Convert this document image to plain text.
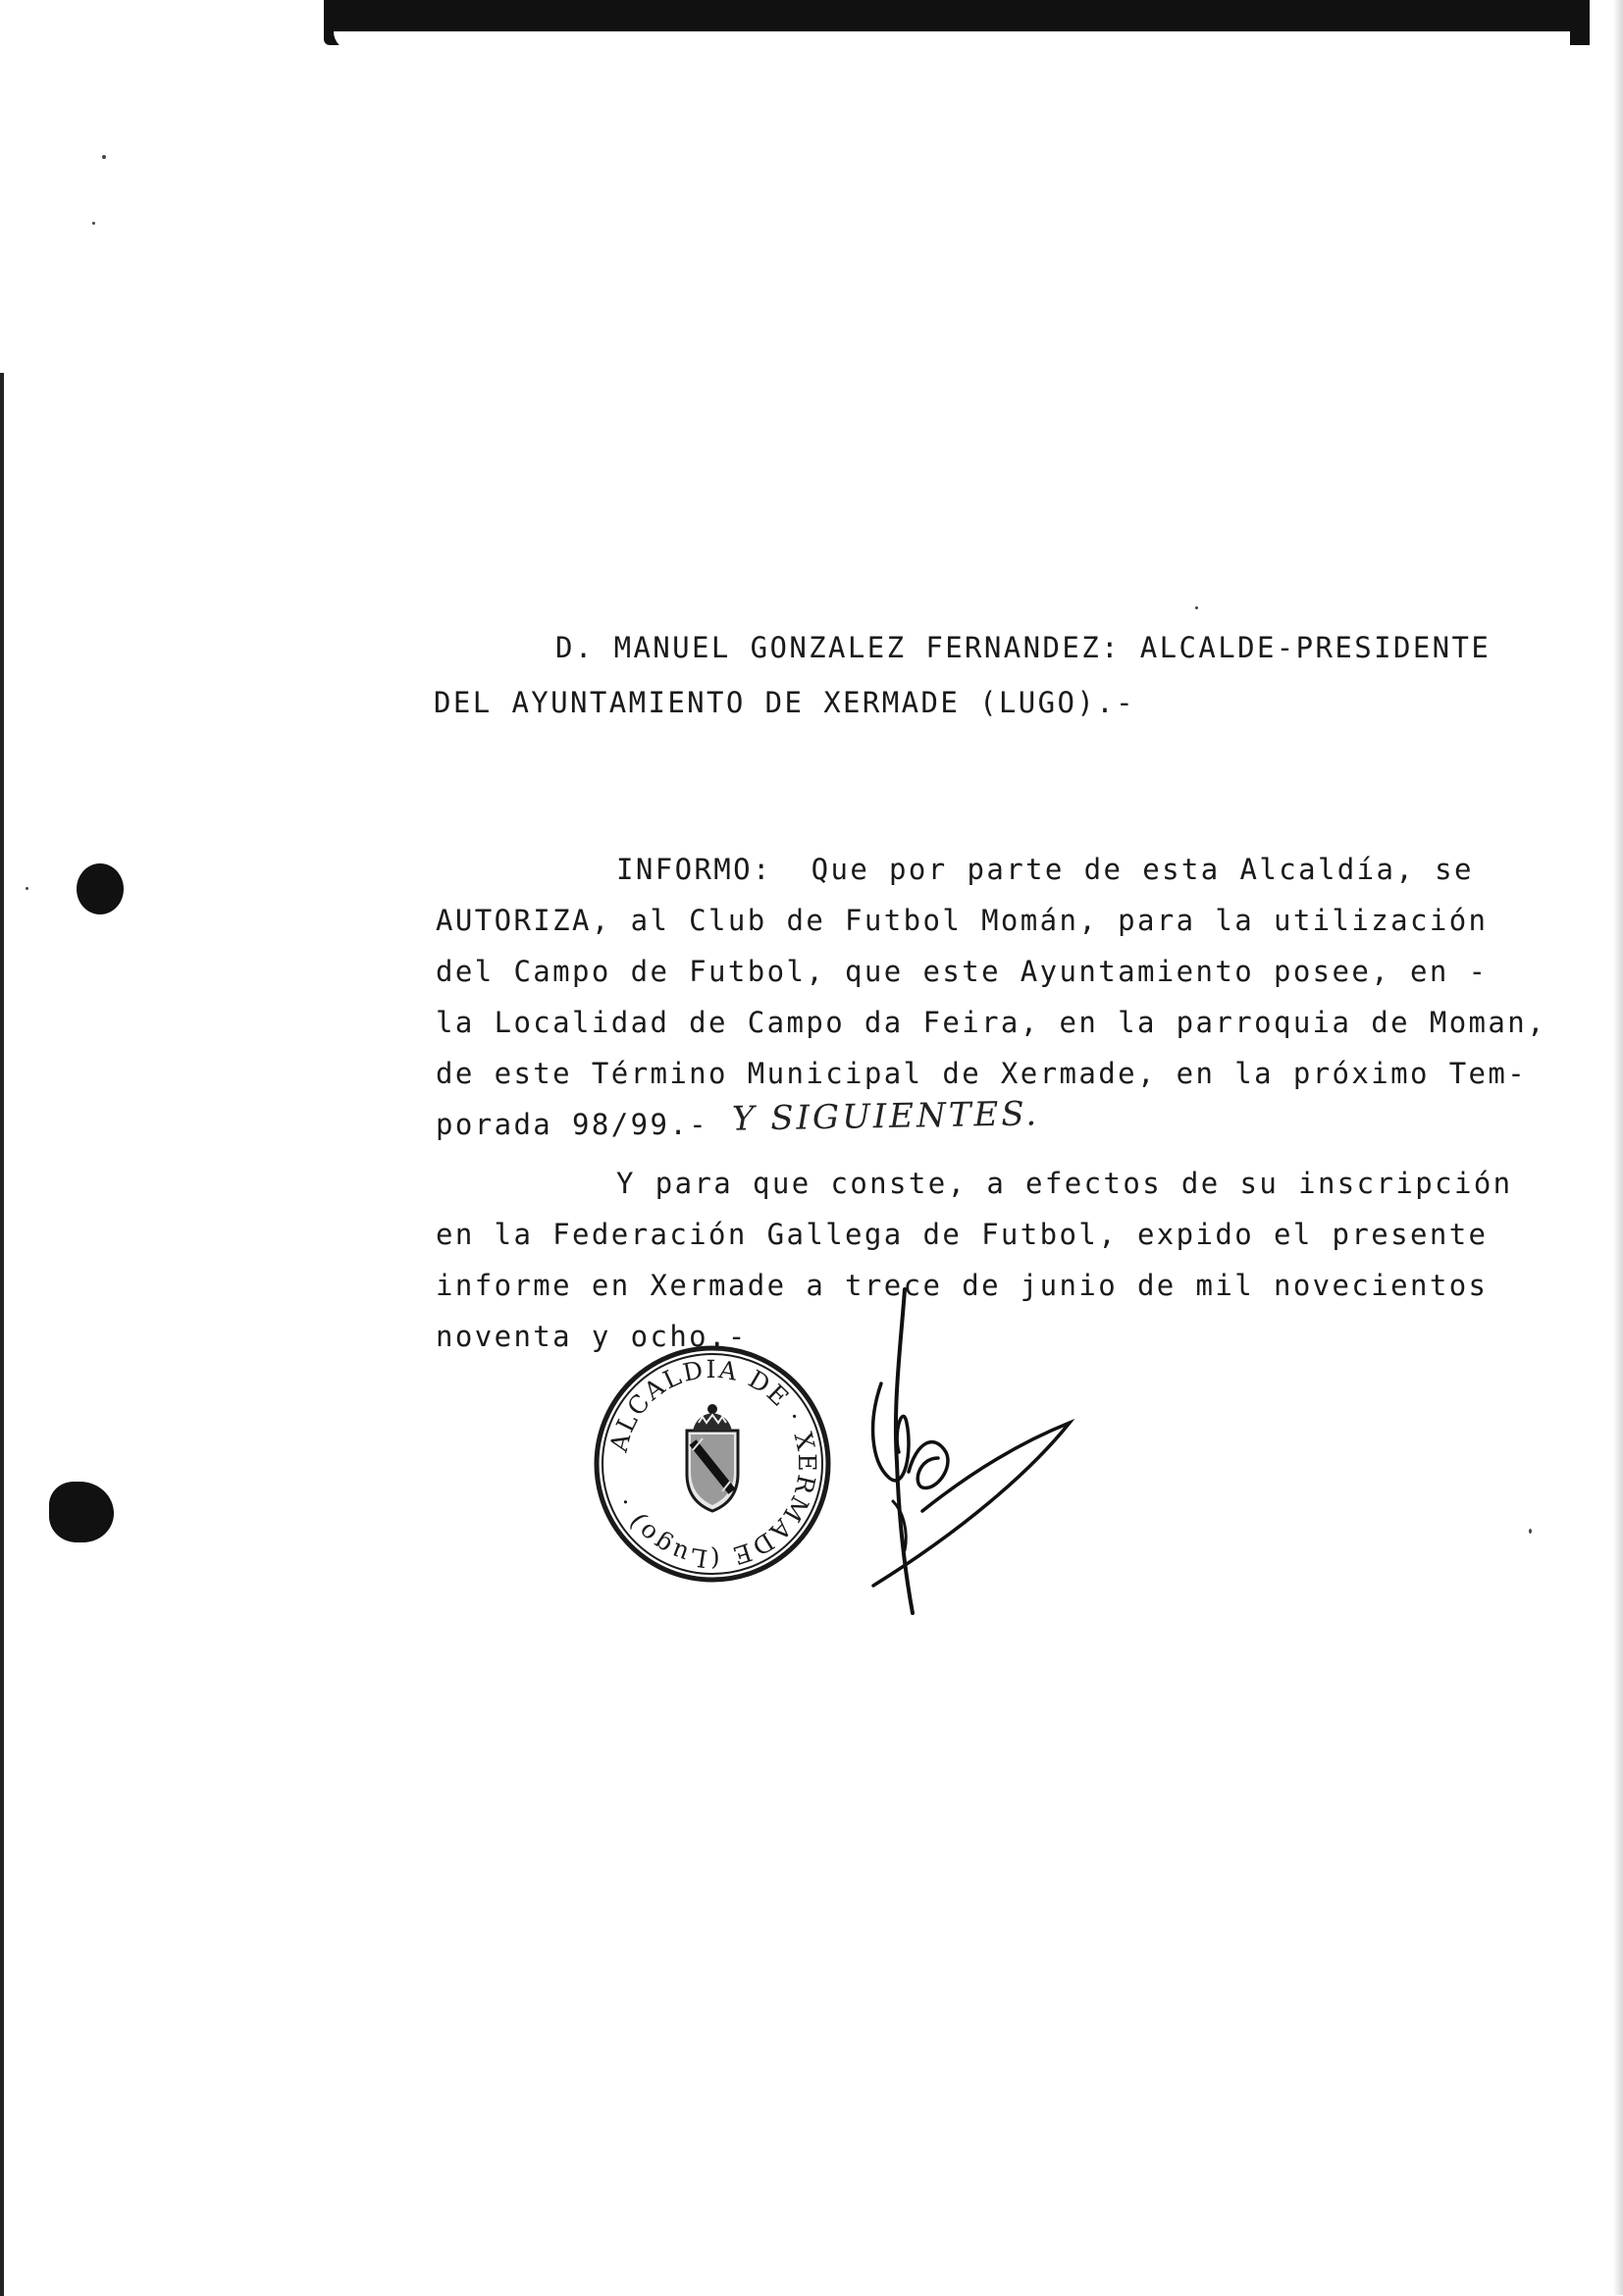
D. MANUEL GONZALEZ FERNANDEZ: ALCALDE-PRESIDENTE
DEL AYUNTAMIENTO DE XERMADE (LUGO).-
INFORMO:  Que por parte de esta Alcaldía, se
AUTORIZA, al Club de Futbol Momán, para la utilización
del Campo de Futbol, que este Ayuntamiento posee, en -
la Localidad de Campo da Feira, en la parroquia de Moman,
de este Término Municipal de Xermade, en la próximo Tem-
porada 98/99.- Y SIGUIENTES.
Y para que conste, a efectos de su inscripción
en la Federación Gallega de Futbol, expido el presente
informe en Xermade a trece de junio de mil novecientos
noventa y ocho.-
ALCALDIA DE · XERMADE (Lugo) ·
